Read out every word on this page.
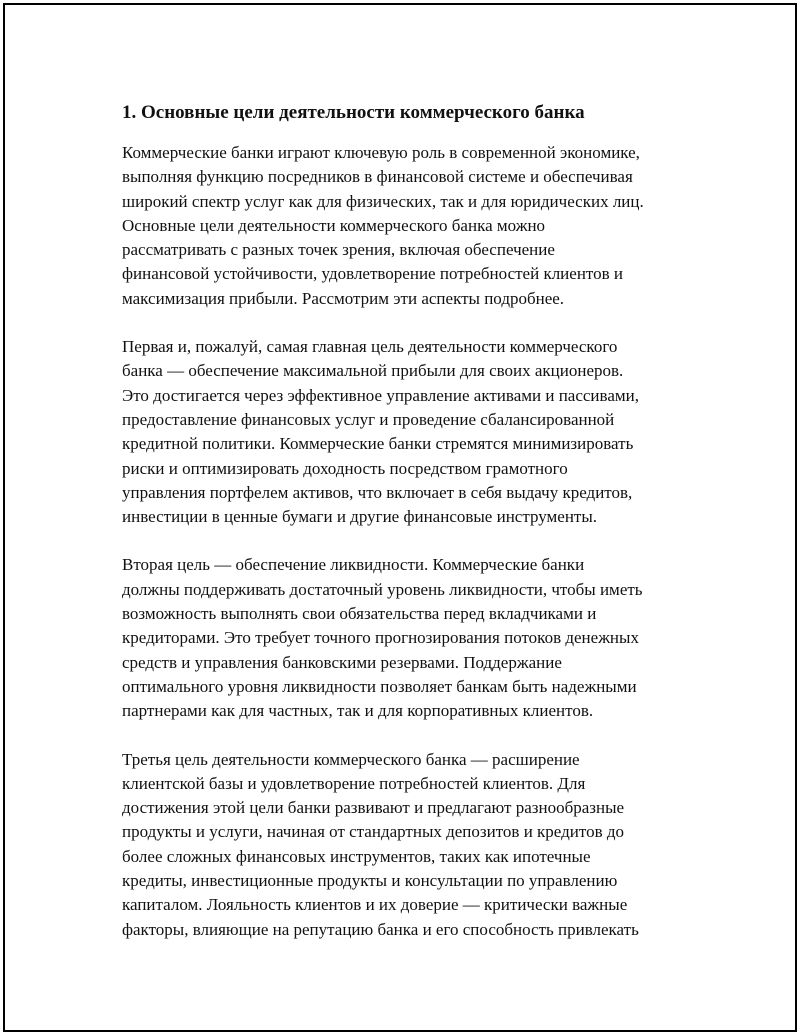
1. Основные цели деятельности коммерческого банка

Коммерческие банки играют ключевую роль в современной экономике,
выполняя функцию посредников в финансовой системе и обеспечивая
широкий спектр услуг как для физических, так и для юридических лиц.
Основные цели деятельности коммерческого банка можно
рассматривать с разных точек зрения, включая обеспечение
финансовой устойчивости, удовлетворение потребностей клиентов и
максимизация прибыли. Рассмотрим эти аспекты подробнее.

Первая и, пожалуй, самая главная цель деятельности коммерческого
банка — обеспечение максимальной прибыли для своих акционеров.
Это достигается через эффективное управление активами и пассивами,
предоставление финансовых услуг и проведение сбалансированной
кредитной политики. Коммерческие банки стремятся минимизировать
риски и оптимизировать доходность посредством грамотного
управления портфелем активов, что включает в себя выдачу кредитов,
инвестиции в ценные бумаги и другие финансовые инструменты.

Вторая цель — обеспечение ликвидности. Коммерческие банки
должны поддерживать достаточный уровень ликвидности, чтобы иметь
возможность выполнять свои обязательства перед вкладчиками и
кредиторами. Это требует точного прогнозирования потоков денежных
средств и управления банковскими резервами. Поддержание
оптимального уровня ликвидности позволяет банкам быть надежными
партнерами как для частных, так и для корпоративных клиентов.

Третья цель деятельности коммерческого банка — расширение
клиентской базы и удовлетворение потребностей клиентов. Для
достижения этой цели банки развивают и предлагают разнообразные
продукты и услуги, начиная от стандартных депозитов и кредитов до
более сложных финансовых инструментов, таких как ипотечные
кредиты, инвестиционные продукты и консультации по управлению
капиталом. Лояльность клиентов и их доверие — критически важные
факторы, влияющие на репутацию банка и его способность привлекать
